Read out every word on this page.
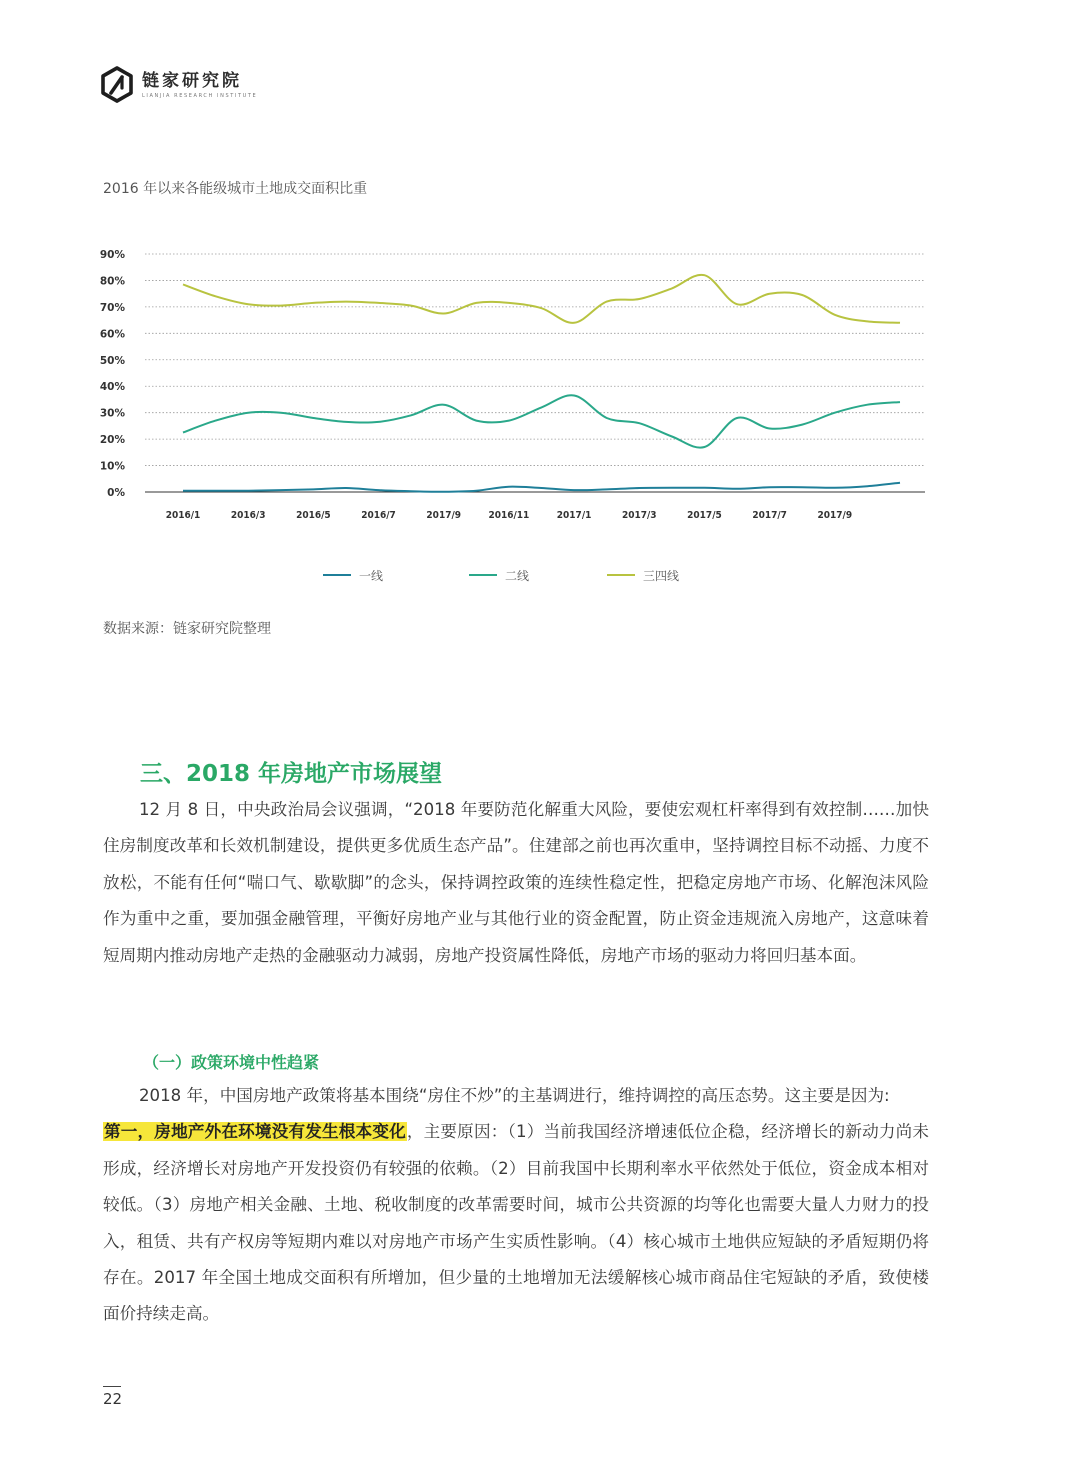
链家研究院
LIANJIA RESEARCH INSTITUTE
2016 年以来各能级城市土地成交面积比重
90%
80%
70%
60%
50%
40%
30%
20%
10%
0%
2016/1	2016/3	2016/5	2016/7	2017/9	2016/11	2017/1	2017/3	2017/5	2017/7	2017/9
一线	二线	三四线
数据来源：链家研究院整理
三、2018 年房地产市场展望

12 月 8 日，中央政治局会议强调，“2018 年要防范化解重大风险，要使宏观杠杆率得到有效控制……加快住房制度改革和长效机制建设，提供更多优质生态产品”。住建部之前也再次重申，坚持调控目标不动摇、力度不放松，不能有任何“喘口气、歇歇脚”的念头，保持调控政策的连续性稳定性，把稳定房地产市场、化解泡沫风险作为重中之重，要加强金融管理，平衡好房地产业与其他行业的资金配置，防止资金违规流入房地产，这意味着短周期内推动房地产走热的金融驱动力减弱，房地产投资属性降低，房地产市场的驱动力将回归基本面。

（一）政策环境中性趋紧

2018 年，中国房地产政策将基本围绕“房住不炒”的主基调进行，维持调控的高压态势。这主要是因为:
第一，房地产外在环境没有发生根本变化，主要原因：（1）当前我国经济增速低位企稳，经济增长的新动力尚未形成，经济增长对房地产开发投资仍有较强的依赖。（2）目前我国中长期利率水平依然处于低位，资金成本相对较低。（3）房地产相关金融、土地、税收制度的改革需要时间，城市公共资源的均等化也需要大量人力财力的投入，租赁、共有产权房等短期内难以对房地产市场产生实质性影响。（4）核心城市土地供应短缺的矛盾短期仍将存在。2017 年全国土地成交面积有所增加，但少量的土地增加无法缓解核心城市商品住宅短缺的矛盾，致使楼面价持续走高。

22
